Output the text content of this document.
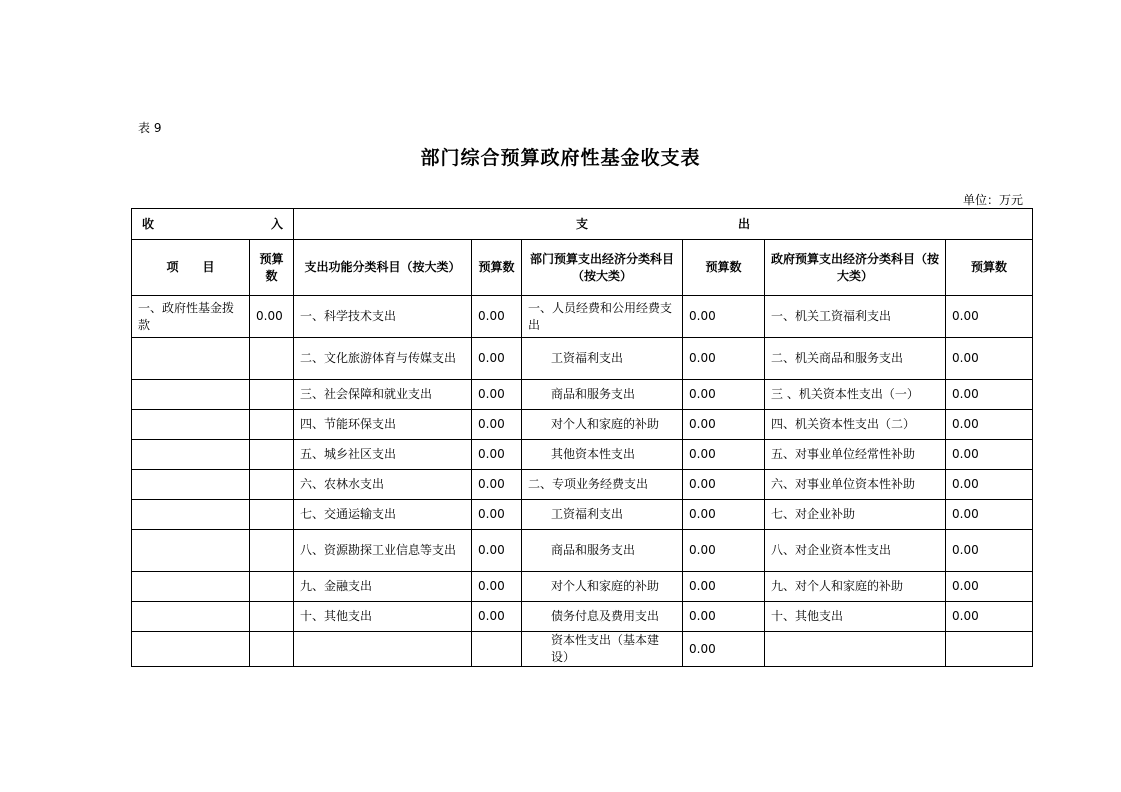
表 9
部门综合预算政府性基金收支表
单位：万元
收 入		支出					
项　　目	预算数	支出功能分类科目（按大类）	预算数	部门预算支出经济分类科目（按大类）	预算数	政府预算支出经济分类科目（按大类）	预算数
一、政府性基金拨款	0.00	一、科学技术支出	0.00	一、人员经费和公用经费支出	0.00	一、机关工资福利支出	0.00
		二、文化旅游体育与传媒支出	0.00	工资福利支出	0.00	二、机关商品和服务支出	0.00
		三、社会保障和就业支出	0.00	商品和服务支出	0.00	三 、机关资本性支出（一）	0.00
		四、节能环保支出	0.00	对个人和家庭的补助	0.00	四、机关资本性支出（二）	0.00
		五、城乡社区支出	0.00	其他资本性支出	0.00	五、对事业单位经常性补助	0.00
		六、农林水支出	0.00	二、专项业务经费支出	0.00	六、对事业单位资本性补助	0.00
		七、交通运输支出	0.00	工资福利支出	0.00	七、对企业补助	0.00
		八、资源勘探工业信息等支出	0.00	商品和服务支出	0.00	八、对企业资本性支出	0.00
		九、金融支出	0.00	对个人和家庭的补助	0.00	九、对个人和家庭的补助	0.00
		十、其他支出	0.00	债务付息及费用支出	0.00	十、其他支出	0.00
				资本性支出（基本建设）	0.00		
